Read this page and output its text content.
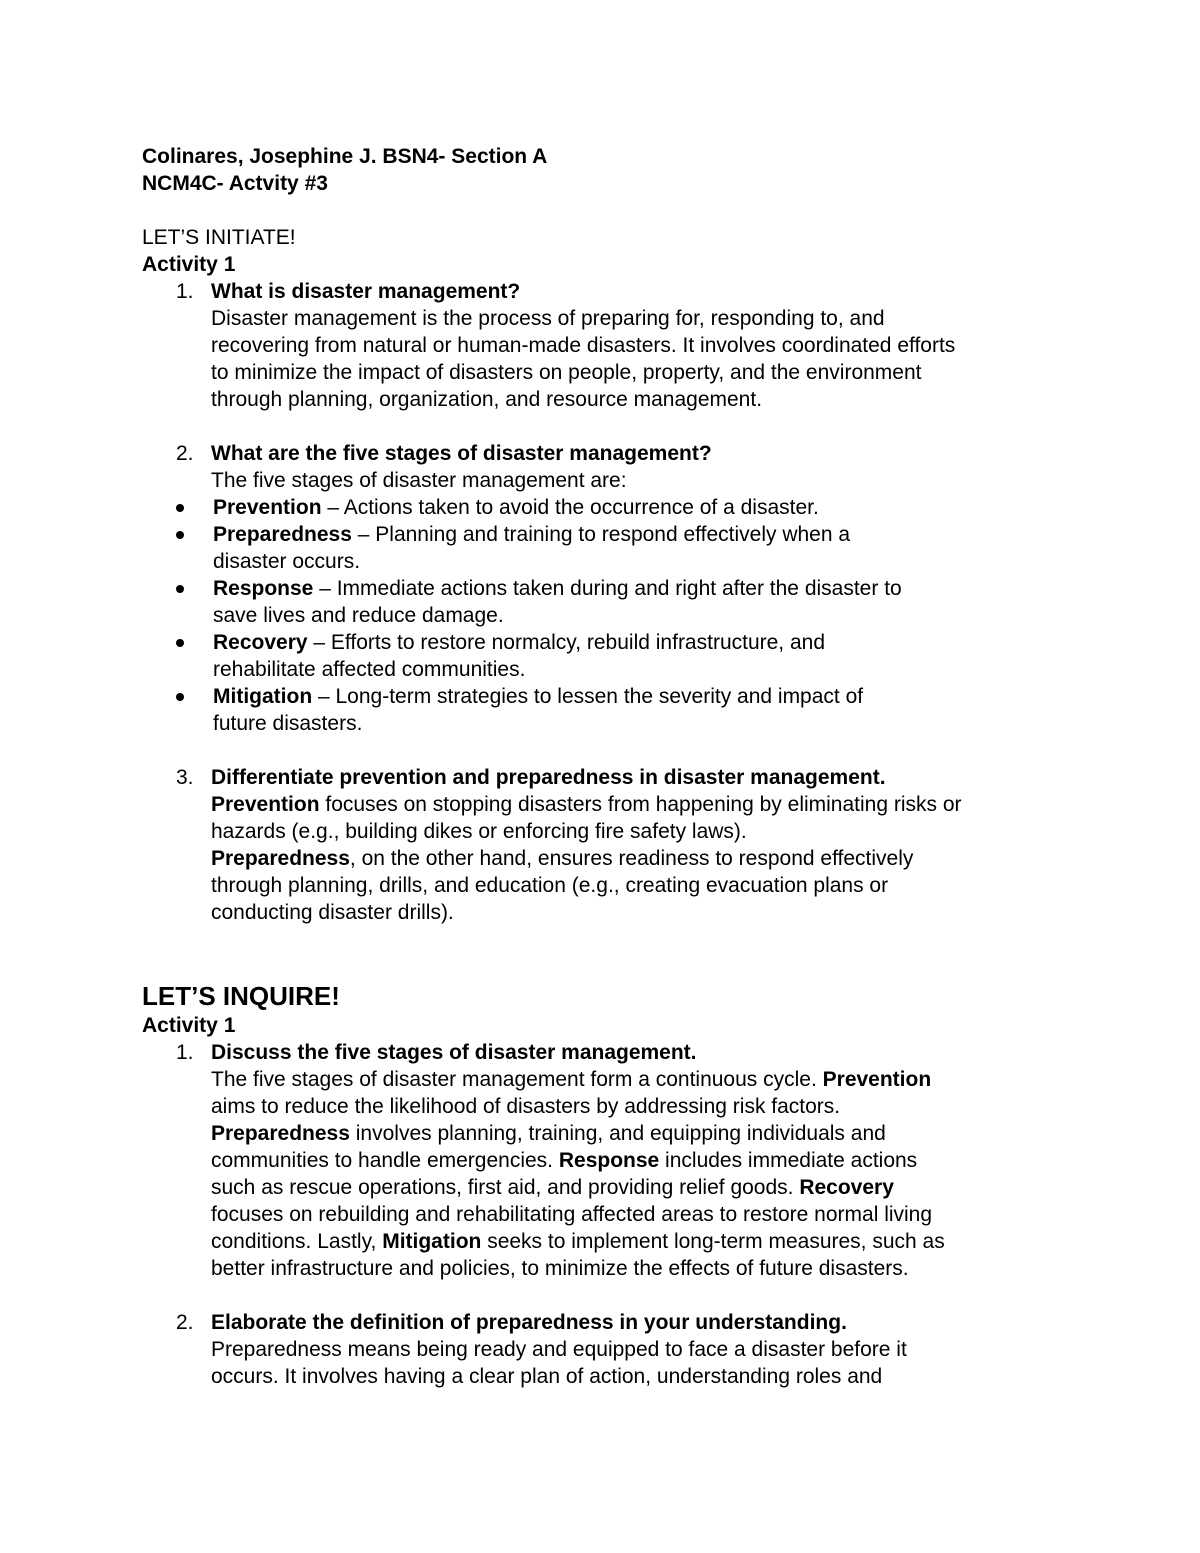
Colinares, Josephine J. BSN4- Section A
NCM4C- Actvity #3
LET’S INITIATE!
Activity 1
1. What is disaster management?
Disaster management is the process of preparing for, responding to, and
recovering from natural or human-made disasters. It involves coordinated efforts
to minimize the impact of disasters on people, property, and the environment
through planning, organization, and resource management.
2. What are the five stages of disaster management?
The five stages of disaster management are:
Prevention – Actions taken to avoid the occurrence of a disaster.
Preparedness – Planning and training to respond effectively when a
disaster occurs.
Response – Immediate actions taken during and right after the disaster to
save lives and reduce damage.
Recovery – Efforts to restore normalcy, rebuild infrastructure, and
rehabilitate affected communities.
Mitigation – Long-term strategies to lessen the severity and impact of
future disasters.
3. Differentiate prevention and preparedness in disaster management.
Prevention focuses on stopping disasters from happening by eliminating risks or
hazards (e.g., building dikes or enforcing fire safety laws).
Preparedness, on the other hand, ensures readiness to respond effectively
through planning, drills, and education (e.g., creating evacuation plans or
conducting disaster drills).
LET’S INQUIRE!
Activity 1
1. Discuss the five stages of disaster management.
The five stages of disaster management form a continuous cycle. Prevention
aims to reduce the likelihood of disasters by addressing risk factors.
Preparedness involves planning, training, and equipping individuals and
communities to handle emergencies. Response includes immediate actions
such as rescue operations, first aid, and providing relief goods. Recovery
focuses on rebuilding and rehabilitating affected areas to restore normal living
conditions. Lastly, Mitigation seeks to implement long-term measures, such as
better infrastructure and policies, to minimize the effects of future disasters.
2. Elaborate the definition of preparedness in your understanding.
Preparedness means being ready and equipped to face a disaster before it
occurs. It involves having a clear plan of action, understanding roles and
